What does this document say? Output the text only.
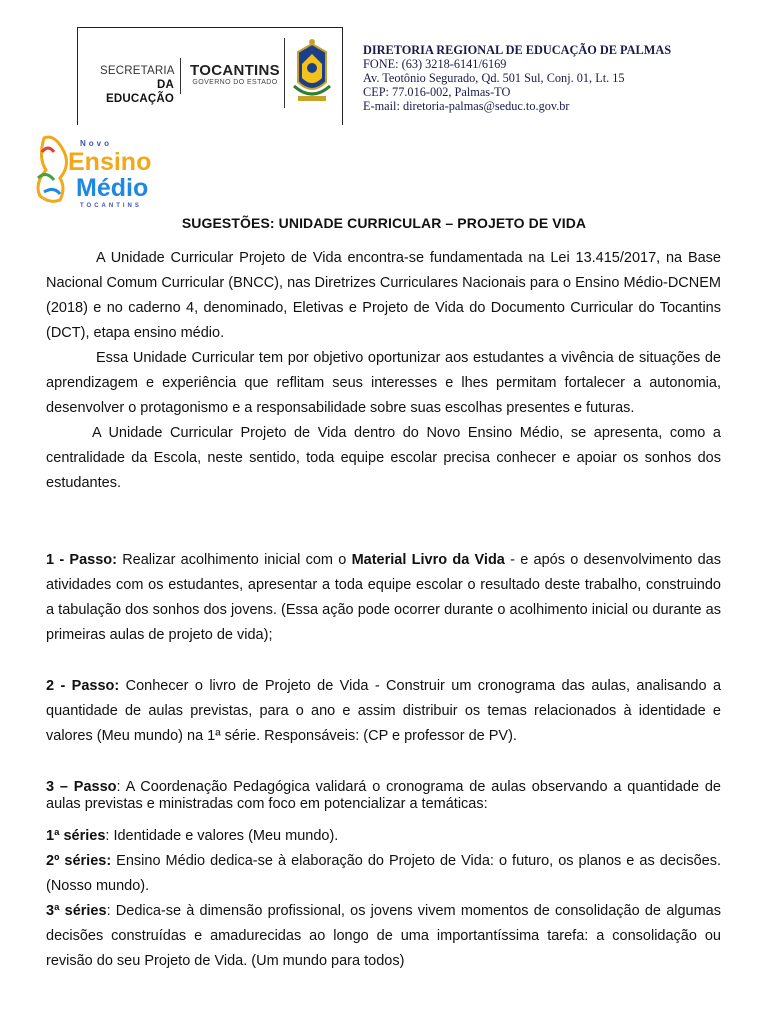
SECRETARIA DA
EDUCAÇÃO
TOCANTINS
GOVERNO DO ESTADO
DIRETORIA REGIONAL DE EDUCAÇÃO DE PALMAS
FONE: (63) 3218-6141/6169
Av. Teotônio Segurado, Qd. 501 Sul, Conj. 01, Lt. 15
CEP: 77.016-002, Palmas-TO
E-mail: diretoria-palmas@seduc.to.gov.br
Novo
Ensino
Médio
TOCANTINS
SUGESTÕES: UNIDADE CURRICULAR – PROJETO DE VIDA

A Unidade Curricular Projeto de Vida encontra-se fundamentada na Lei 13.415/2017, na Base Nacional Comum Curricular (BNCC), nas Diretrizes Curriculares Nacionais para o Ensino Médio-DCNEM (2018) e no caderno 4, denominado, Eletivas e Projeto de Vida do Documento Curricular do Tocantins (DCT), etapa ensino médio.

Essa Unidade Curricular tem por objetivo oportunizar aos estudantes a vivência de situações de aprendizagem e experiência que reflitam seus interesses e lhes permitam fortalecer a autonomia, desenvolver o protagonismo e a responsabilidade sobre suas escolhas presentes e futuras.

A Unidade Curricular Projeto de Vida dentro do Novo Ensino Médio, se apresenta, como a centralidade da Escola, neste sentido, toda equipe escolar precisa conhecer e apoiar os sonhos dos estudantes.

1 - Passo: Realizar acolhimento inicial com o Material Livro da Vida - e após o desenvolvimento das atividades com os estudantes, apresentar a toda equipe escolar o resultado deste trabalho, construindo a tabulação dos sonhos dos jovens. (Essa ação pode ocorrer durante o acolhimento inicial ou durante as primeiras aulas de projeto de vida);

2 - Passo: Conhecer o livro de Projeto de Vida - Construir um cronograma das aulas, analisando a quantidade de aulas previstas, para o ano e assim distribuir os temas relacionados à identidade e valores (Meu mundo) na 1ª série. Responsáveis: (CP e professor de PV).

3 – Passo: A Coordenação Pedagógica validará o cronograma de aulas observando a quantidade de aulas previstas e ministradas com foco em potencializar a temáticas:

1ª séries: Identidade e valores (Meu mundo).

2º séries: Ensino Médio dedica-se à elaboração do Projeto de Vida: o futuro, os planos e as decisões. (Nosso mundo).

3ª séries: Dedica-se à dimensão profissional, os jovens vivem momentos de consolidação de algumas decisões construídas e amadurecidas ao longo de uma importantíssima tarefa: a consolidação ou revisão do seu Projeto de Vida. (Um mundo para todos)
